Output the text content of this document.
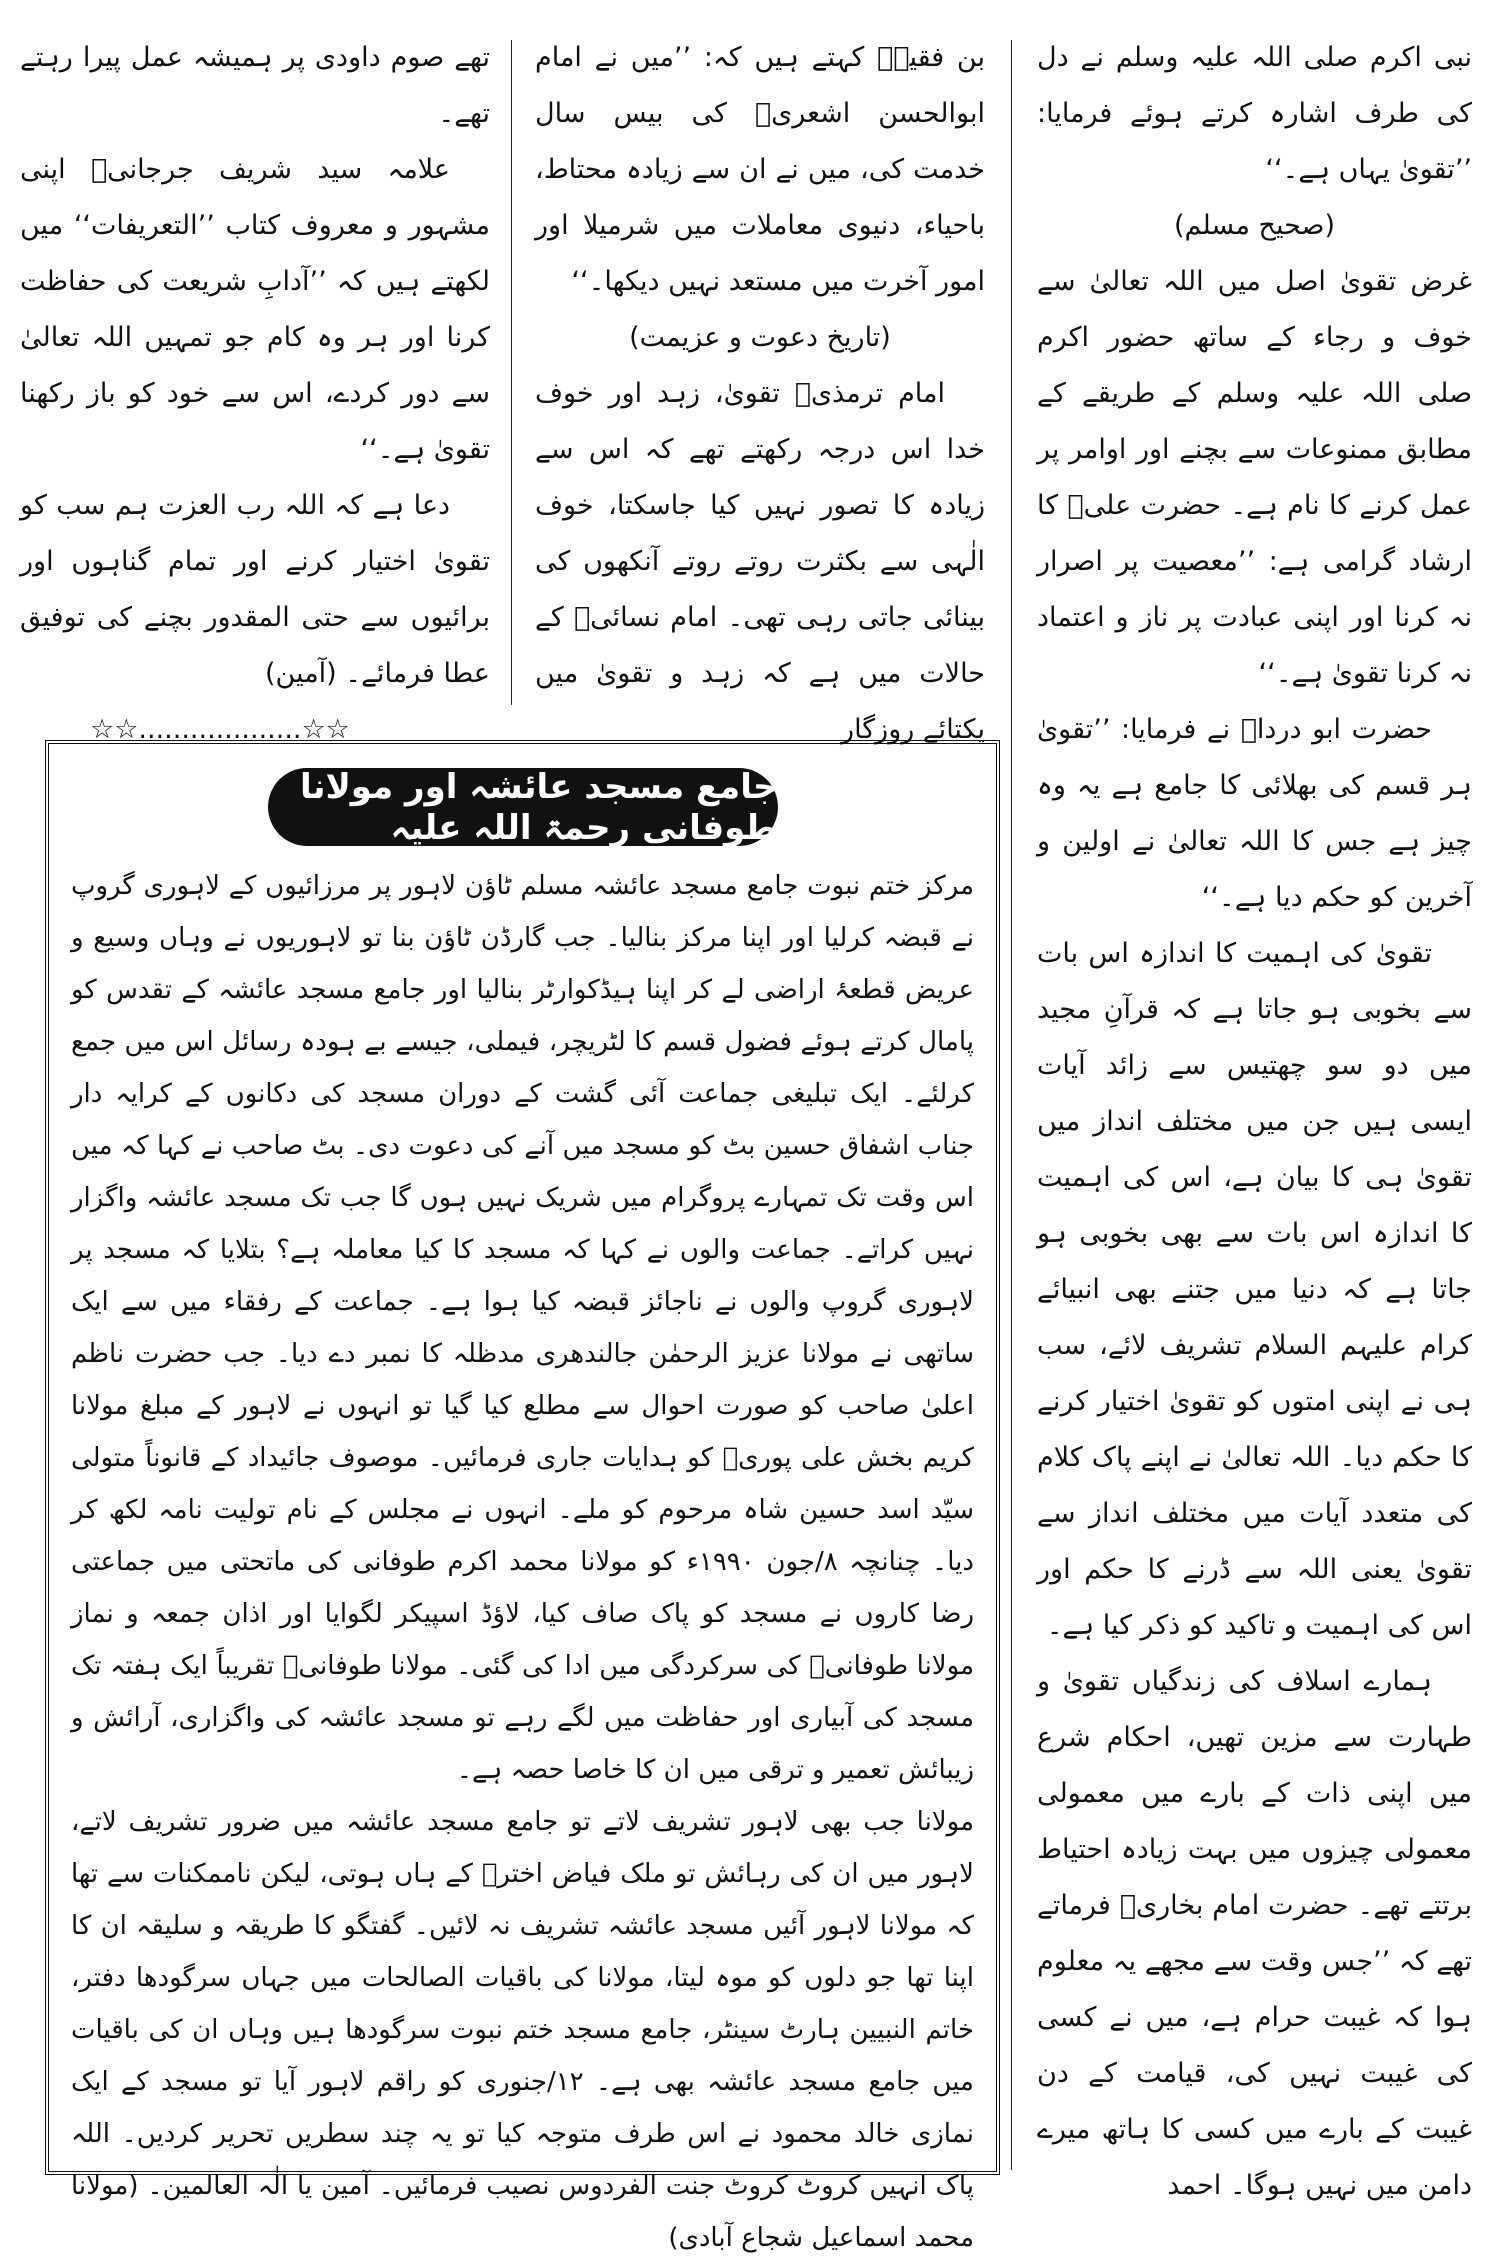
نبی اکرم صلی اللہ علیہ وسلم نے دل کی طرف اشارہ کرتے ہوئے فرمایا: ’’تقویٰ یہاں ہے۔‘‘

(صحیح مسلم)

غرض تقویٰ اصل میں اللہ تعالیٰ سے خوف و رجاء کے ساتھ حضور اکرم صلی اللہ علیہ وسلم کے طریقے کے مطابق ممنوعات سے بچنے اور اوامر پر عمل کرنے کا نام ہے۔ حضرت علیؓ کا ارشاد گرامی ہے: ’’معصیت پر اصرار نہ کرنا اور اپنی عبادت پر ناز و اعتماد نہ کرنا تقویٰ ہے۔‘‘

حضرت ابو درداؓ نے فرمایا: ’’تقویٰ ہر قسم کی بھلائی کا جامع ہے یہ وہ چیز ہے جس کا اللہ تعالیٰ نے اولین و آخرین کو حکم دیا ہے۔‘‘

تقویٰ کی اہمیت کا اندازہ اس بات سے بخوبی ہو جاتا ہے کہ قرآنِ مجید میں دو سو چھتیس سے زائد آیات ایسی ہیں جن میں مختلف انداز میں تقویٰ ہی کا بیان ہے، اس کی اہمیت کا اندازہ اس بات سے بھی بخوبی ہو جاتا ہے کہ دنیا میں جتنے بھی انبیائے کرام علیہم السلام تشریف لائے، سب ہی نے اپنی امتوں کو تقویٰ اختیار کرنے کا حکم دیا۔ اللہ تعالیٰ نے اپنے پاک کلام کی متعدد آیات میں مختلف انداز سے تقویٰ یعنی اللہ سے ڈرنے کا حکم اور اس کی اہمیت و تاکید کو ذکر کیا ہے۔

ہمارے اسلاف کی زندگیاں تقویٰ و طہارت سے مزین تھیں، احکام شرع میں اپنی ذات کے بارے میں معمولی معمولی چیزوں میں بہت زیادہ احتیاط برتتے تھے۔ حضرت امام بخاریؒ فرماتے تھے کہ ’’جس وقت سے مجھے یہ معلوم ہوا کہ غیبت حرام ہے، میں نے کسی کی غیبت نہیں کی، قیامت کے دن غیبت کے بارے میں کسی کا ہاتھ میرے دامن میں نہیں ہوگا۔ احمد

بن فقیہؒ کہتے ہیں کہ: ’’میں نے امام ابوالحسن اشعریؒ کی بیس سال خدمت کی، میں نے ان سے زیادہ محتاط، باحیاء، دنیوی معاملات میں شرمیلا اور امور آخرت میں مستعد نہیں دیکھا۔‘‘

(تاریخ دعوت و عزیمت)

امام ترمذیؒ تقویٰ، زہد اور خوف خدا اس درجہ رکھتے تھے کہ اس سے زیادہ کا تصور نہیں کیا جاسکتا، خوف الٰہی سے بکثرت روتے روتے آنکھوں کی بینائی جاتی رہی تھی۔ امام نسائیؒ کے حالات میں ہے کہ زہد و تقویٰ میں یکتائے روزگار

تھے صوم داودی پر ہمیشہ عمل پیرا رہتے تھے۔

علامہ سید شریف جرجانیؒ اپنی مشہور و معروف کتاب ’’التعریفات‘‘ میں لکھتے ہیں کہ ’’آدابِ شریعت کی حفاظت کرنا اور ہر وہ کام جو تمہیں اللہ تعالیٰ سے دور کردے، اس سے خود کو باز رکھنا تقویٰ ہے۔‘‘

دعا ہے کہ اللہ رب العزت ہم سب کو تقویٰ اختیار کرنے اور تمام گناہوں اور برائیوں سے حتی المقدور بچنے کی توفیق عطا فرمائے۔ (آمین)

☆☆...................☆☆

جامع مسجد عائشہ اور مولانا طوفانی رحمۃ اللہ علیہ

مرکز ختم نبوت جامع مسجد عائشہ مسلم ٹاؤن لاہور پر مرزائیوں کے لاہوری گروپ نے قبضہ کرلیا اور اپنا مرکز بنالیا۔ جب گارڈن ٹاؤن بنا تو لاہوریوں نے وہاں وسیع و عریض قطعۂ اراضی لے کر اپنا ہیڈکوارٹر بنالیا اور جامع مسجد عائشہ کے تقدس کو پامال کرتے ہوئے فضول قسم کا لٹریچر، فیملی، جیسے بے ہودہ رسائل اس میں جمع کرلئے۔ ایک تبلیغی جماعت آئی گشت کے دوران مسجد کی دکانوں کے کرایہ دار جناب اشفاق حسین بٹ کو مسجد میں آنے کی دعوت دی۔ بٹ صاحب نے کہا کہ میں اس وقت تک تمہارے پروگرام میں شریک نہیں ہوں گا جب تک مسجد عائشہ واگزار نہیں کراتے۔ جماعت والوں نے کہا کہ مسجد کا کیا معاملہ ہے؟ بتلایا کہ مسجد پر لاہوری گروپ والوں نے ناجائز قبضہ کیا ہوا ہے۔ جماعت کے رفقاء میں سے ایک ساتھی نے مولانا عزیز الرحمٰن جالندھری مدظلہ کا نمبر دے دیا۔ جب حضرت ناظم اعلیٰ صاحب کو صورت احوال سے مطلع کیا گیا تو انہوں نے لاہور کے مبلغ مولانا کریم بخش علی پوریؒ کو ہدایات جاری فرمائیں۔ موصوف جائیداد کے قانوناً متولی سیّد اسد حسین شاہ مرحوم کو ملے۔ انہوں نے مجلس کے نام تولیت نامہ لکھ کر دیا۔ چنانچہ ۸/جون ۱۹۹۰ء کو مولانا محمد اکرم طوفانی کی ماتحتی میں جماعتی رضا کاروں نے مسجد کو پاک صاف کیا، لاؤڈ اسپیکر لگوایا اور اذان جمعہ و نماز مولانا طوفانیؒ کی سرکردگی میں ادا کی گئی۔ مولانا طوفانیؒ تقریباً ایک ہفتہ تک مسجد کی آبیاری اور حفاظت میں لگے رہے تو مسجد عائشہ کی واگزاری، آرائش و زیبائش تعمیر و ترقی میں ان کا خاصا حصہ ہے۔

مولانا جب بھی لاہور تشریف لاتے تو جامع مسجد عائشہ میں ضرور تشریف لاتے، لاہور میں ان کی رہائش تو ملک فیاض اخترؔ کے ہاں ہوتی، لیکن ناممکنات سے تھا کہ مولانا لاہور آئیں مسجد عائشہ تشریف نہ لائیں۔ گفتگو کا طریقہ و سلیقہ ان کا اپنا تھا جو دلوں کو موہ لیتا، مولانا کی باقیات الصالحات میں جہاں سرگودھا دفتر، خاتم النبیین ہارٹ سینٹر، جامع مسجد ختم نبوت سرگودھا ہیں وہاں ان کی باقیات میں جامع مسجد عائشہ بھی ہے۔ ۱۲/جنوری کو راقم لاہور آیا تو مسجد کے ایک نمازی خالد محمود نے اس طرف متوجہ کیا تو یہ چند سطریں تحریر کردیں۔ اللہ پاک انہیں کروٹ کروٹ جنت الفردوس نصیب فرمائیں۔ آمین یا الٰہ العالمین۔ (مولانا محمد اسماعیل شجاع آبادی)
